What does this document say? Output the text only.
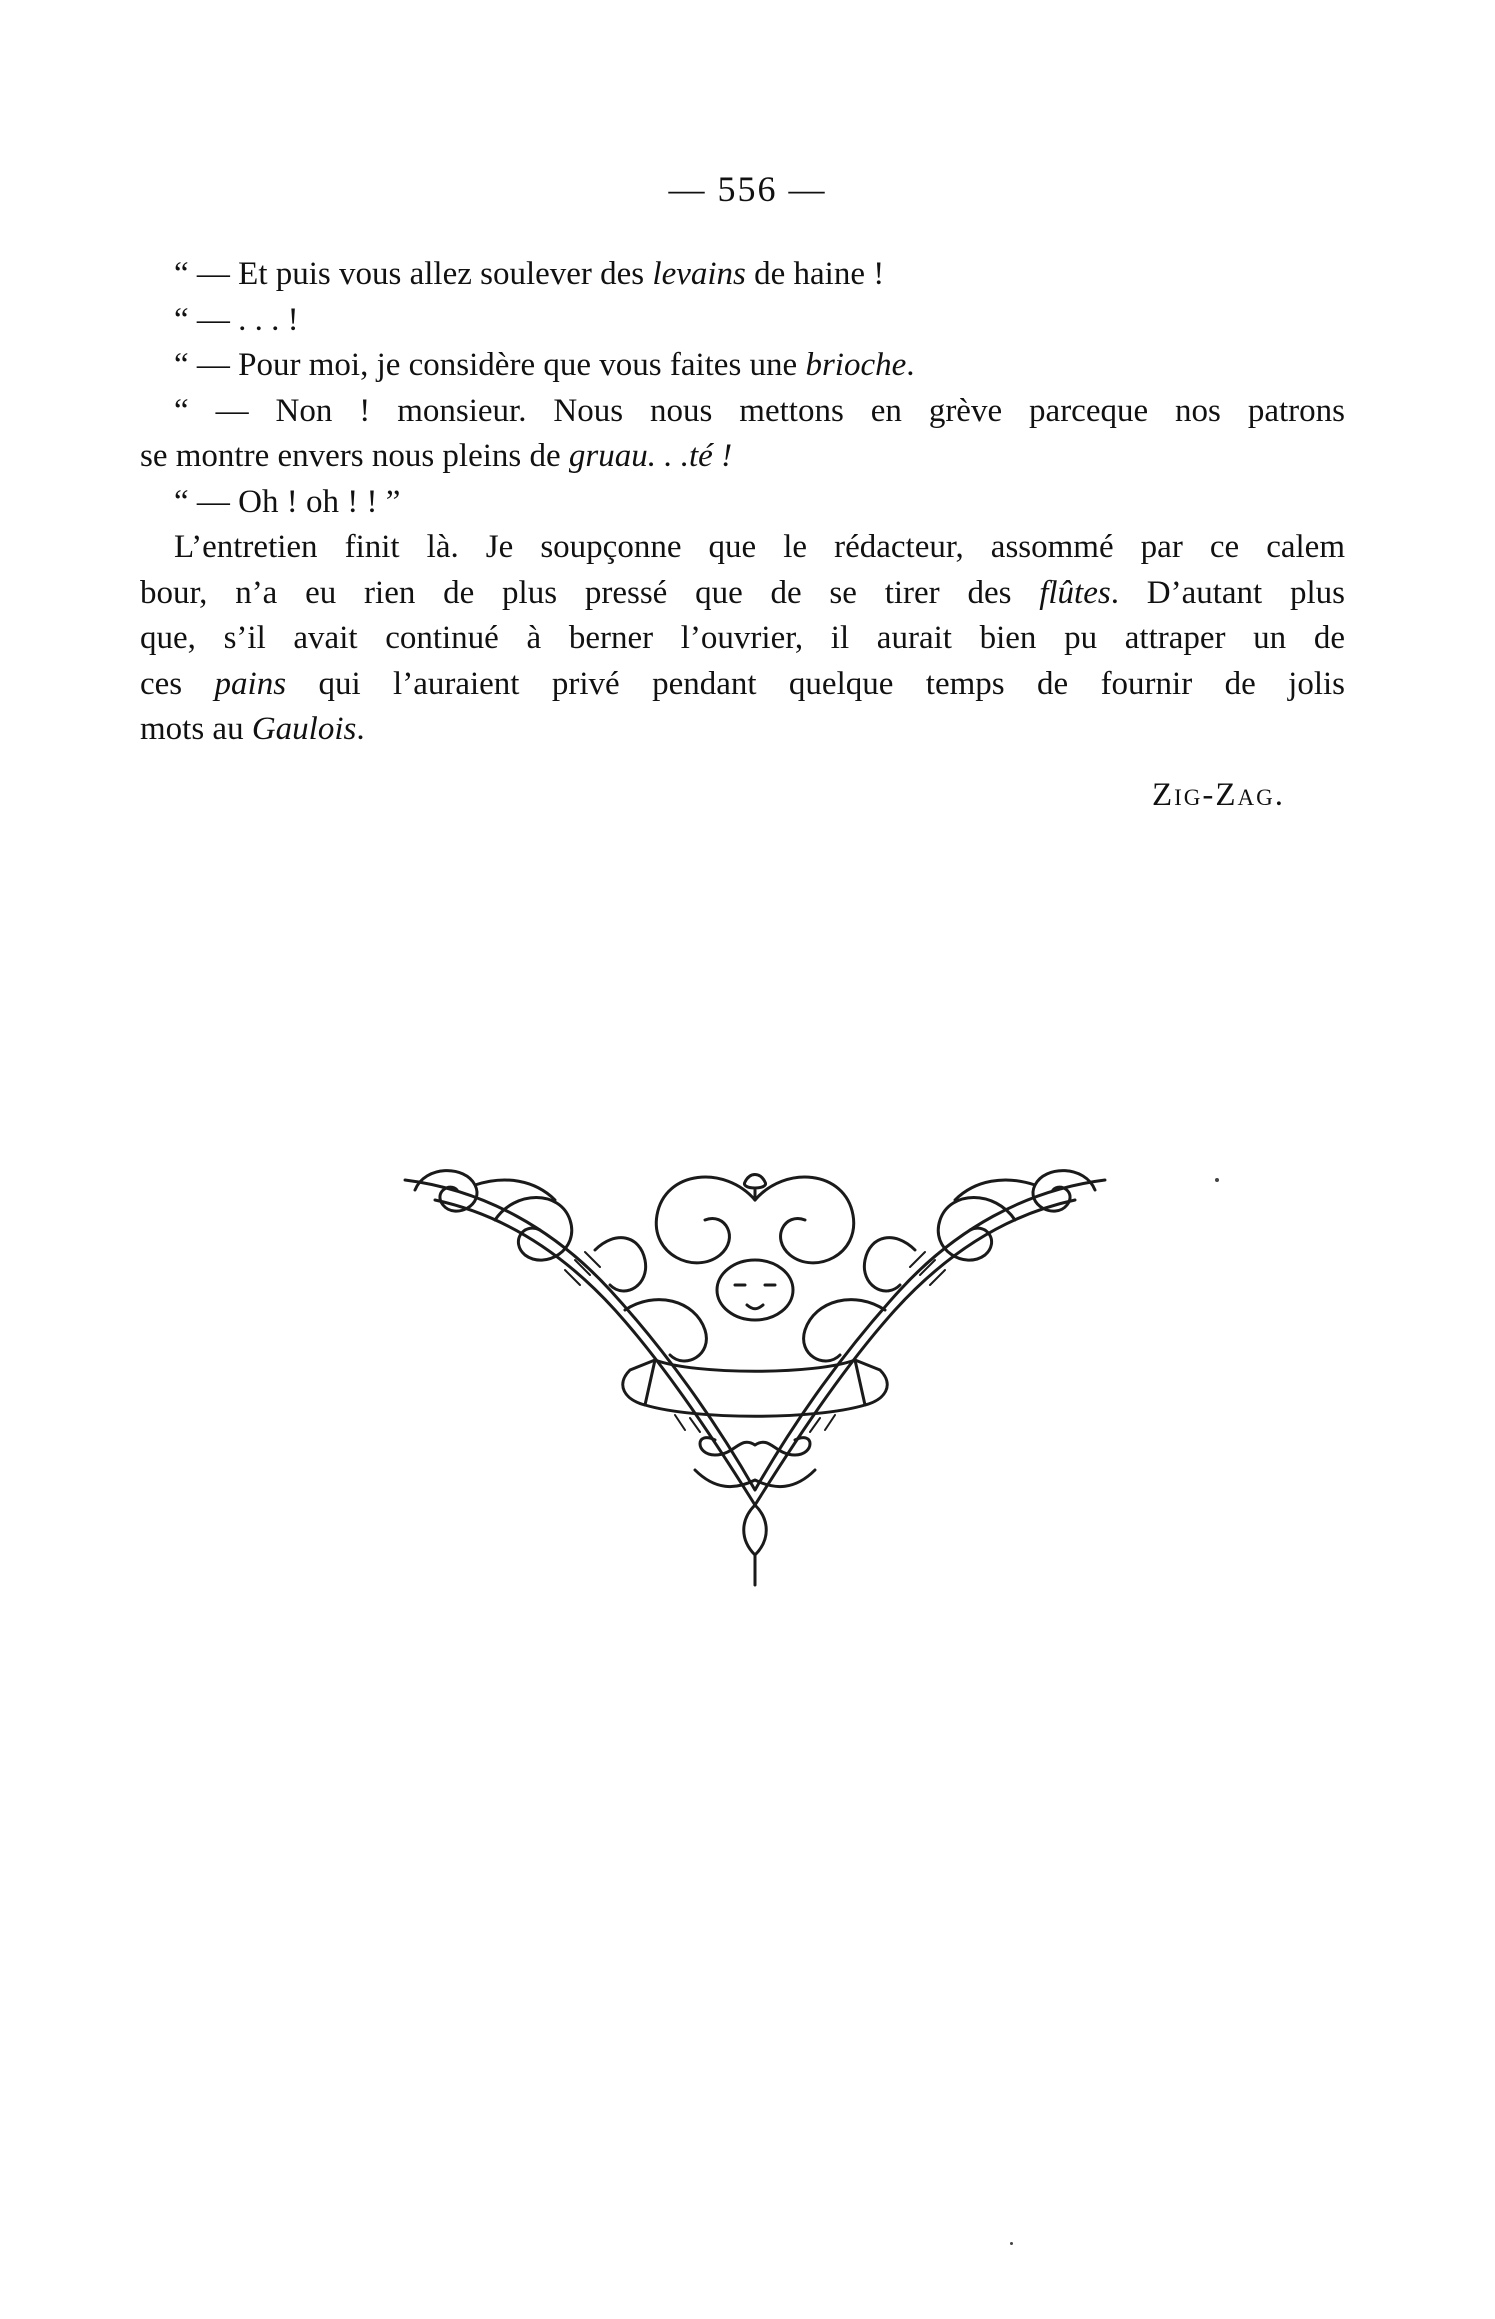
— 556 —
“ — Et puis vous allez soulever des levains de haine !
“ — . . . !
“ — Pour moi, je considère que vous faites une brioche.
“ — Non ! monsieur. Nous nous mettons en grève parceque nos patrons
se montre envers nous pleins de gruau. . .té !
“ — Oh ! oh ! ! ”
L’entretien finit là. Je soupçonne que le rédacteur, assommé par ce calem
bour, n’a eu rien de plus pressé que de se tirer des flûtes. D’autant plus
que, s’il avait continué à berner l’ouvrier, il aurait bien pu attraper un de
ces pains qui l’auraient privé pendant quelque temps de fournir de jolis
mots au Gaulois.
Zig-Zag.
